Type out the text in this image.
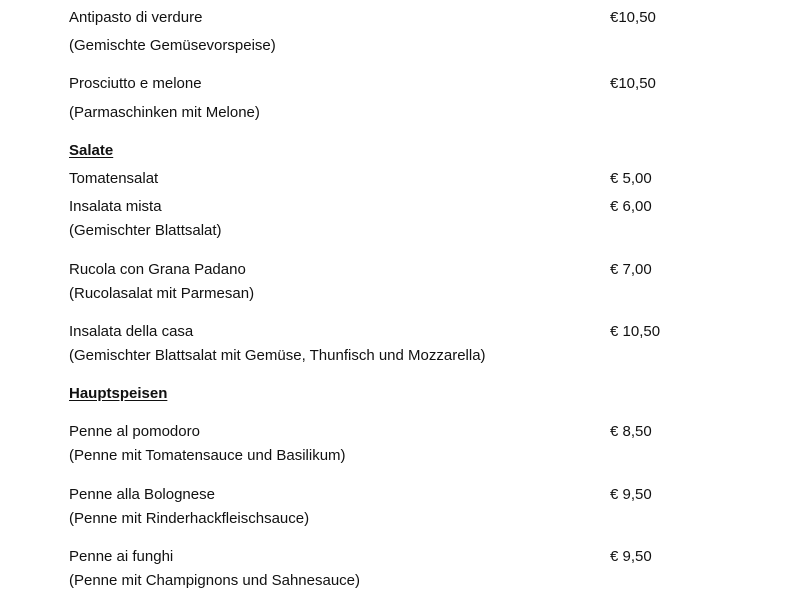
Antipasto di verdure	€10,50
(Gemischte Gemüsevorspeise)
Prosciutto e melone	€10,50
(Parmaschinken mit Melone)
Salate
Tomatensalat	€ 5,00
Insalata mista	€ 6,00
(Gemischter Blattsalat)
Rucola con Grana Padano	€ 7,00
(Rucolasalat mit Parmesan)
Insalata della casa	€ 10,50
(Gemischter Blattsalat mit Gemüse, Thunfisch und Mozzarella)
Hauptspeisen
Penne al pomodoro	€ 8,50
(Penne mit Tomatensauce und Basilikum)
Penne alla Bolognese	€ 9,50
(Penne mit Rinderhackfleischsauce)
Penne ai funghi	€ 9,50
(Penne mit Champignons und Sahnesauce)
